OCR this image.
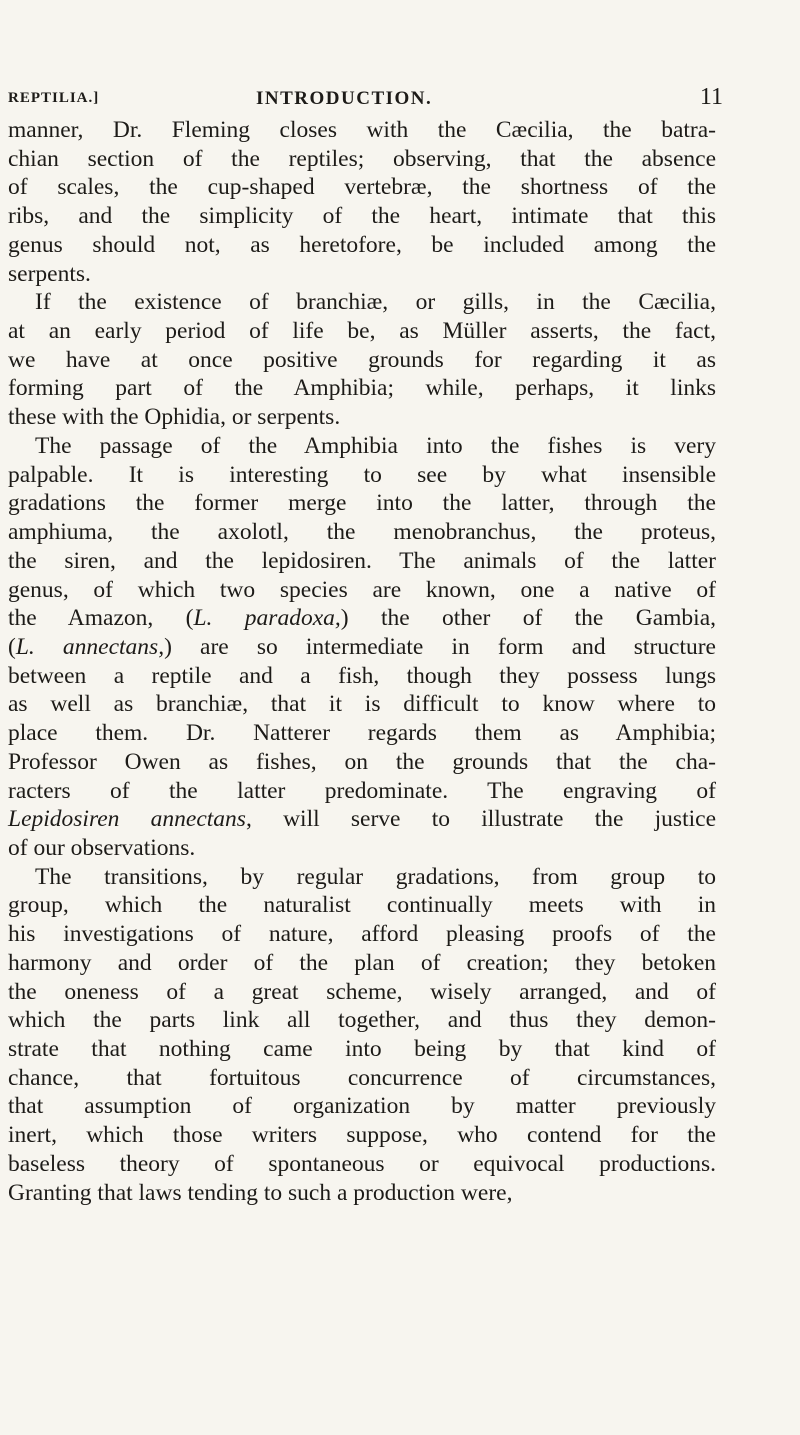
REPTILIA.]	INTRODUCTION.	11
manner, Dr. Fleming closes with the Cæcilia, the batra-
chian section of the reptiles; observing, that the absence
of scales, the cup-shaped vertebræ, the shortness of the
ribs, and the simplicity of the heart, intimate that this
genus should not, as heretofore, be included among the
serpents.
If the existence of branchiæ, or gills, in the Cæcilia,
at an early period of life be, as Müller asserts, the fact,
we have at once positive grounds for regarding it as
forming part of the Amphibia; while, perhaps, it links
these with the Ophidia, or serpents.
The passage of the Amphibia into the fishes is very
palpable. It is interesting to see by what insensible
gradations the former merge into the latter, through the
amphiuma, the axolotl, the menobranchus, the proteus,
the siren, and the lepidosiren. The animals of the latter
genus, of which two species are known, one a native of
the Amazon, (L. paradoxa,) the other of the Gambia,
(L. annectans,) are so intermediate in form and structure
between a reptile and a fish, though they possess lungs
as well as branchiæ, that it is difficult to know where to
place them. Dr. Natterer regards them as Amphibia;
Professor Owen as fishes, on the grounds that the cha-
racters of the latter predominate. The engraving of
Lepidosiren annectans, will serve to illustrate the justice
of our observations.
The transitions, by regular gradations, from group to
group, which the naturalist continually meets with in
his investigations of nature, afford pleasing proofs of the
harmony and order of the plan of creation; they betoken
the oneness of a great scheme, wisely arranged, and of
which the parts link all together, and thus they demon-
strate that nothing came into being by that kind of
chance, that fortuitous concurrence of circumstances,
that assumption of organization by matter previously
inert, which those writers suppose, who contend for the
baseless theory of spontaneous or equivocal productions.
Granting that laws tending to such a production were,
